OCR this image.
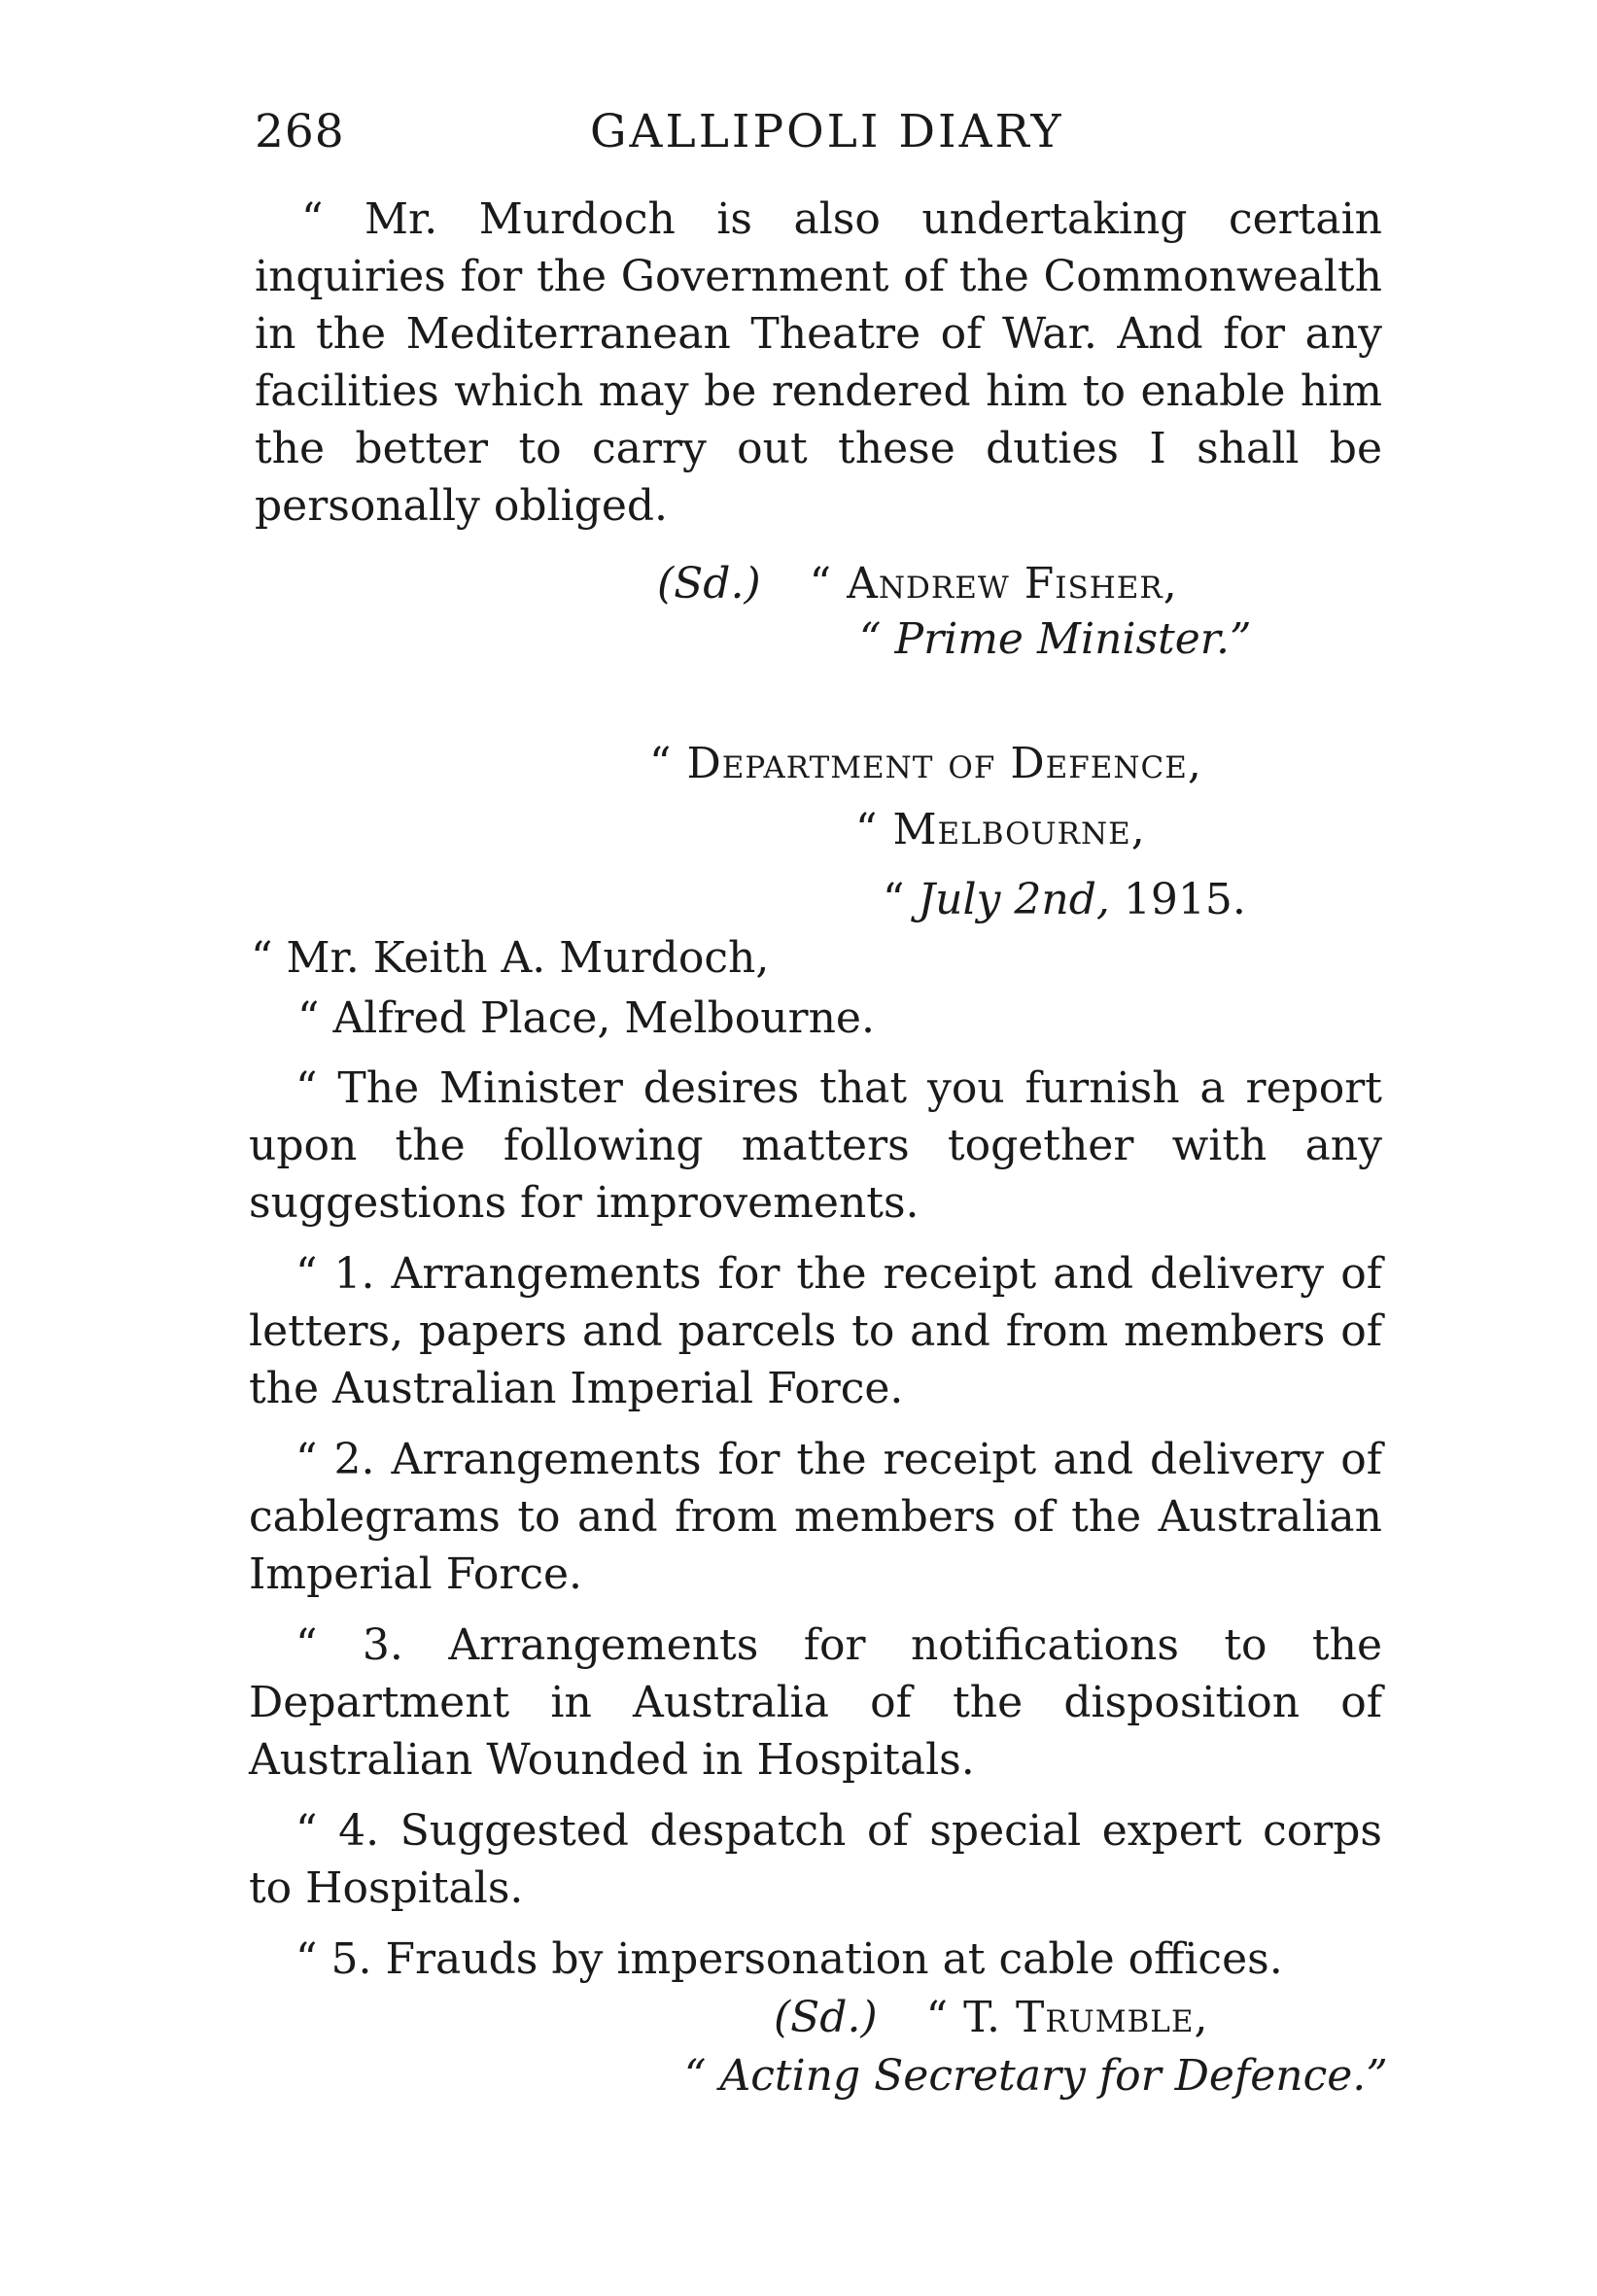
268	GALLIPOLI DIARY

“ Mr. Murdoch is also undertaking certain inquiries for the Government of the Commonwealth in the Mediterranean Theatre of War. And for any facilities which may be rendered him to enable him the better to carry out these duties I shall be personally obliged.

(Sd.) “ Andrew Fisher,
“ Prime Minister.”
“ Department of Defence,
“ Melbourne,
“ July 2nd, 1915.
“ Mr. Keith A. Murdoch,
“ Alfred Place, Melbourne.

“ The Minister desires that you furnish a report upon the following matters together with any suggestions for improvements.

“ 1. Arrangements for the receipt and delivery of letters, papers and parcels to and from members of the Australian Imperial Force.

“ 2. Arrangements for the receipt and delivery of cablegrams to and from members of the Australian Imperial Force.

“ 3. Arrangements for notifications to the Department in Australia of the disposition of Australian Wounded in Hospitals.

“ 4. Suggested despatch of special expert corps to Hospitals.

“ 5. Frauds by impersonation at cable offices.

(Sd.) “ T. Trumble,
“ Acting Secretary for Defence.”
